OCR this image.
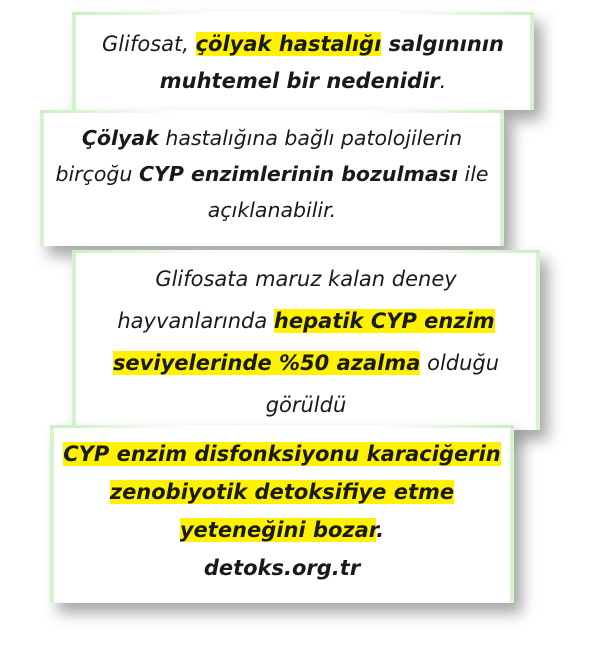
Glifosat, çölyak hastalığı salgınının
muhtemel bir nedenidir.
Çölyak hastalığına bağlı patolojilerin
birçoğu CYP enzimlerinin bozulması ile
açıklanabilir.
Glifosata maruz kalan deney
hayvanlarında hepatik CYP enzim
seviyelerinde %50 azalma olduğu
görüldü
CYP enzim disfonksiyonu karaciğerin
zenobiyotik detoksifiye etme
yeteneğini bozar.
detoks.org.tr
